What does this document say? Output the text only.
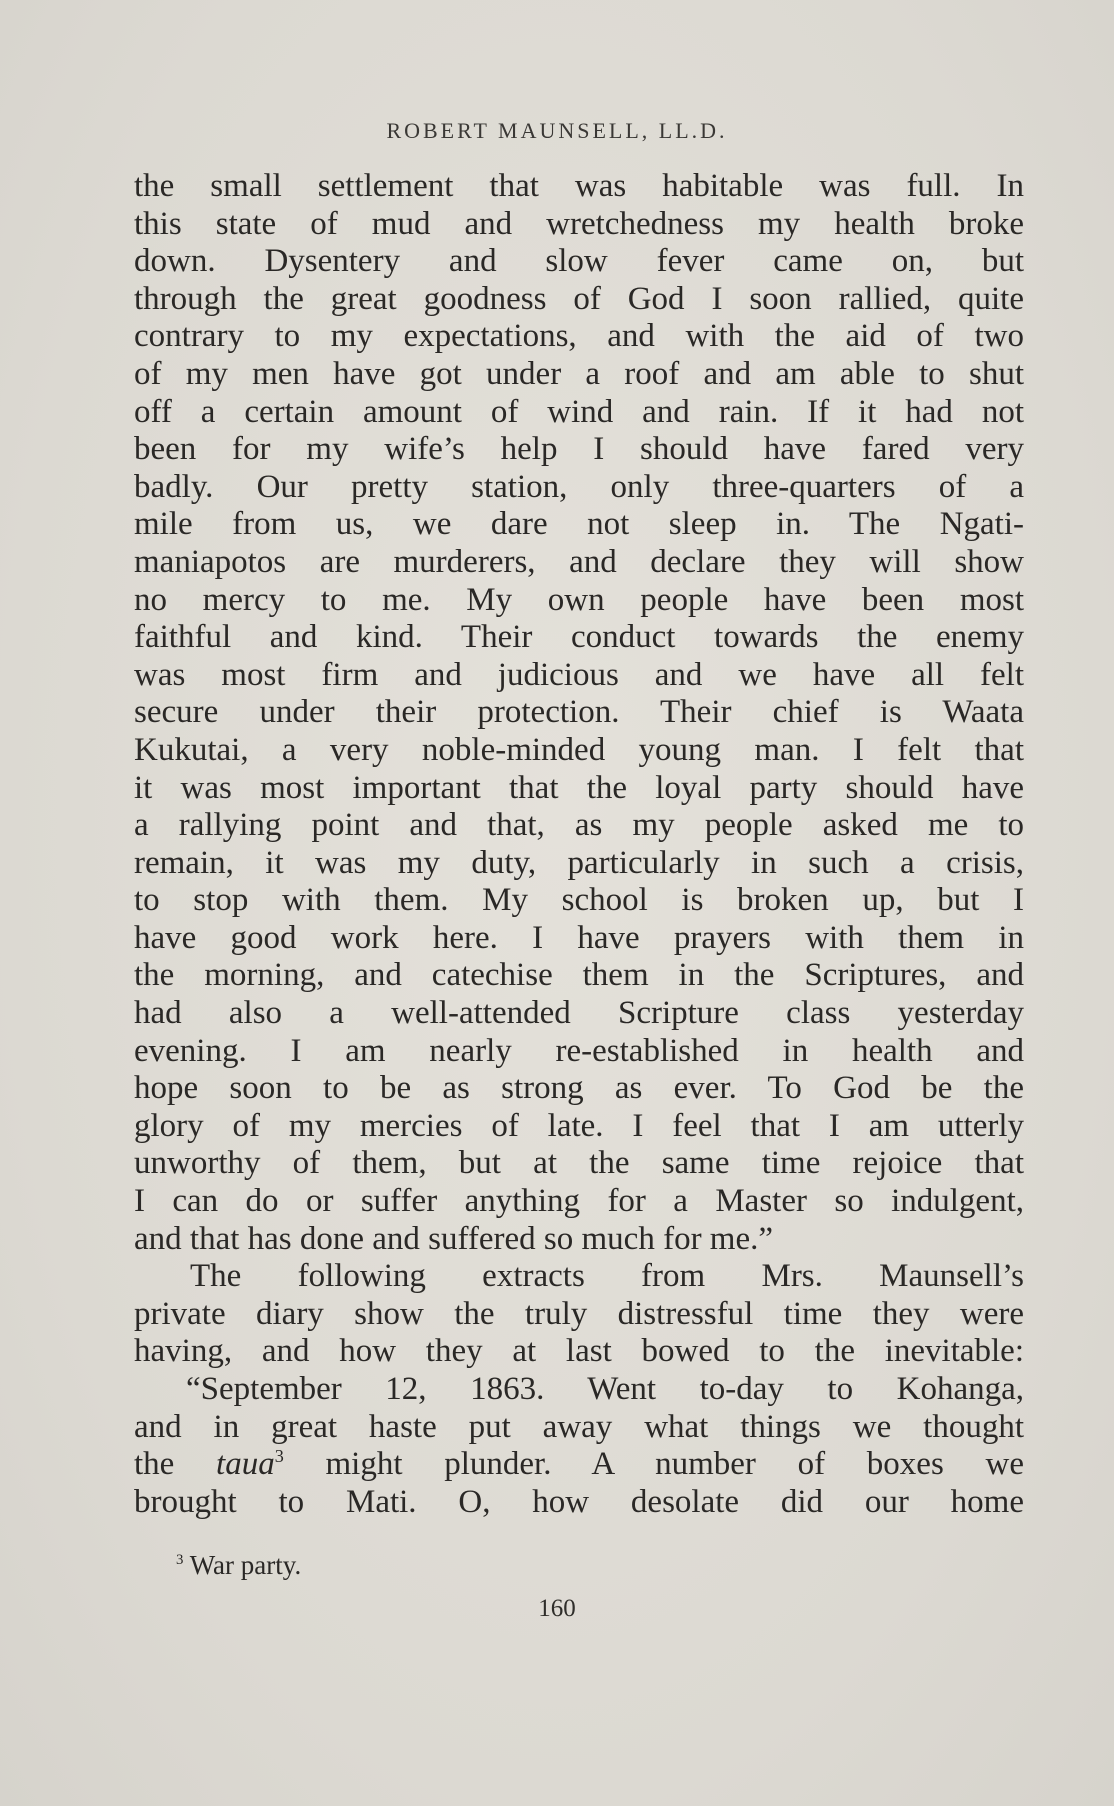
ROBERT MAUNSELL, LL.D.
the small settlement that was habitable was full. In
this state of mud and wretchedness my health broke
down. Dysentery and slow fever came on, but
through the great goodness of God I soon rallied, quite
contrary to my expectations, and with the aid of two
of my men have got under a roof and am able to shut
off a certain amount of wind and rain. If it had not
been for my wife’s help I should have fared very
badly. Our pretty station, only three-quarters of a
mile from us, we dare not sleep in. The Ngati-
maniapotos are murderers, and declare they will show
no mercy to me. My own people have been most
faithful and kind. Their conduct towards the enemy
was most firm and judicious and we have all felt
secure under their protection. Their chief is Waata
Kukutai, a very noble-minded young man. I felt that
it was most important that the loyal party should have
a rallying point and that, as my people asked me to
remain, it was my duty, particularly in such a crisis,
to stop with them. My school is broken up, but I
have good work here. I have prayers with them in
the morning, and catechise them in the Scriptures, and
had also a well-attended Scripture class yesterday
evening. I am nearly re-established in health and
hope soon to be as strong as ever. To God be the
glory of my mercies of late. I feel that I am utterly
unworthy of them, but at the same time rejoice that
I can do or suffer anything for a Master so indulgent,
and that has done and suffered so much for me.”
The following extracts from Mrs. Maunsell’s
private diary show the truly distressful time they were
having, and how they at last bowed to the inevitable:
“September 12, 1863. Went to-day to Kohanga,
and in great haste put away what things we thought
the taua$^3$ might plunder. A number of boxes we
brought to Mati. O, how desolate did our home
$^3$ War party.
160
